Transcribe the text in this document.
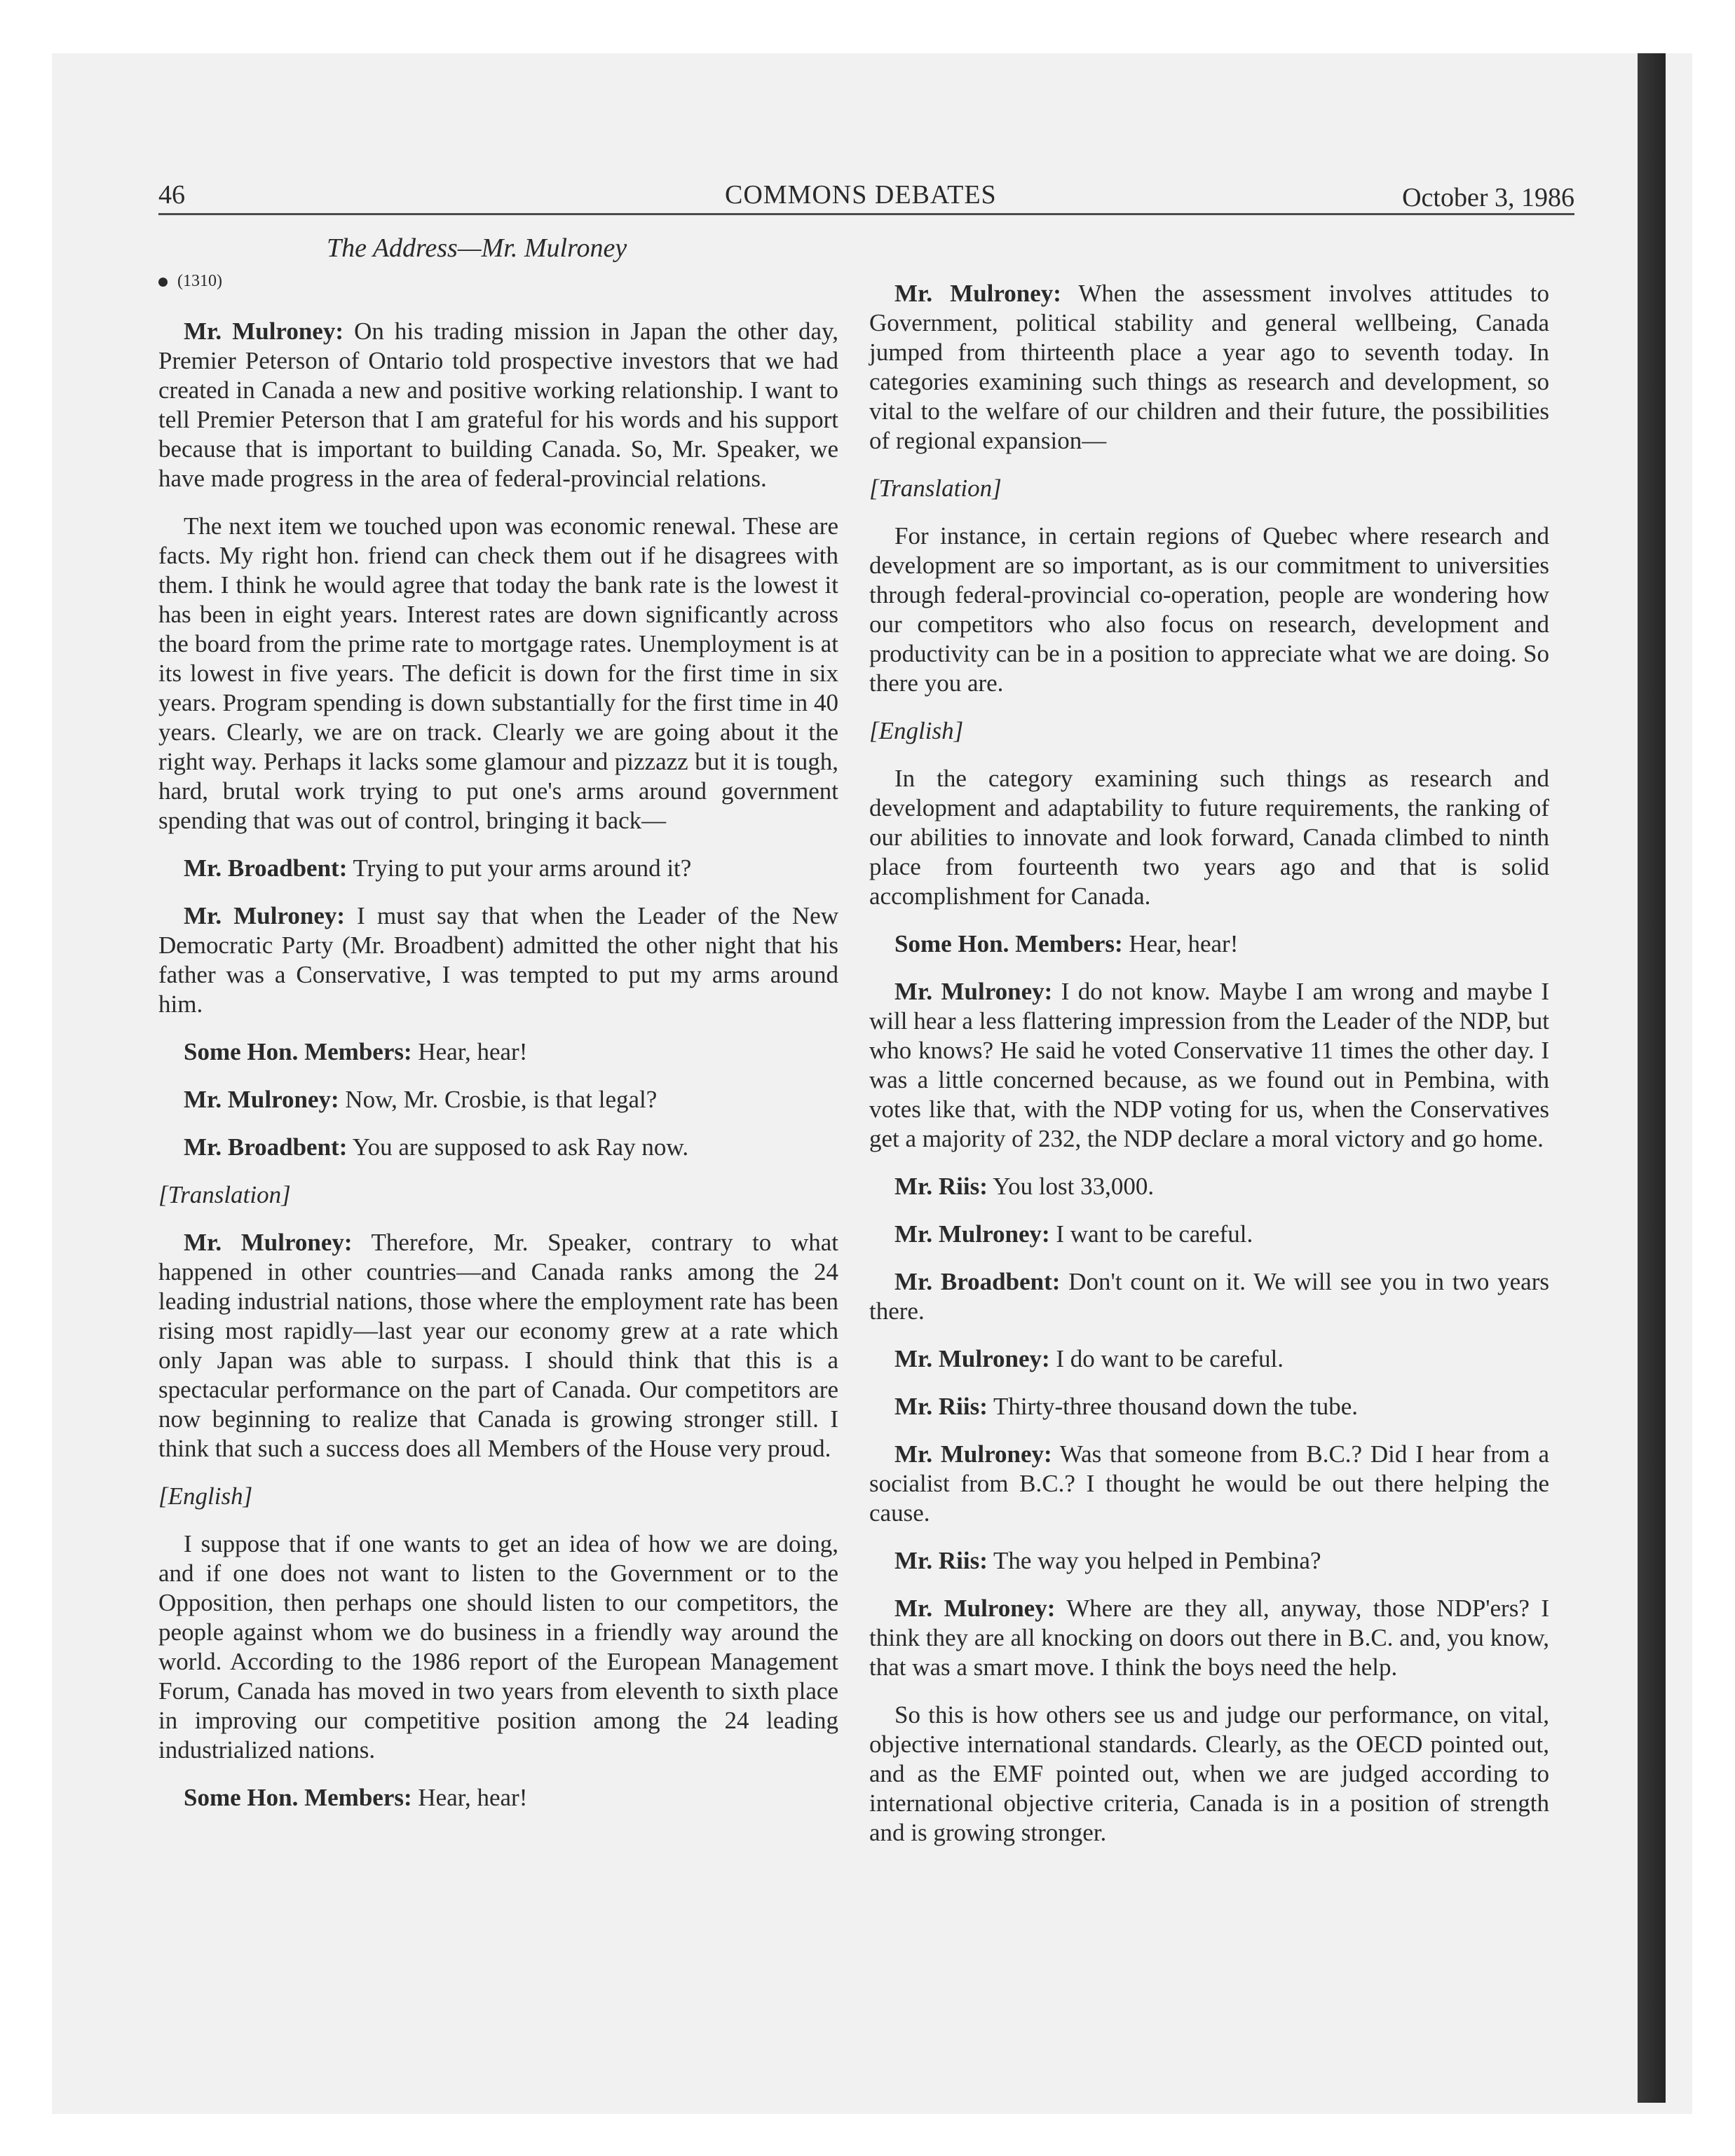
46	COMMONS DEBATES	October 3, 1986
The Address—Mr. Mulroney
(1310)

Mr. Mulroney: On his trading mission in Japan the other day, Premier Peterson of Ontario told prospective investors that we had created in Canada a new and positive working relationship. I want to tell Premier Peterson that I am grateful for his words and his support because that is important to building Canada. So, Mr. Speaker, we have made progress in the area of federal-provincial relations.

The next item we touched upon was economic renewal. These are facts. My right hon. friend can check them out if he disagrees with them. I think he would agree that today the bank rate is the lowest it has been in eight years. Interest rates are down significantly across the board from the prime rate to mortgage rates. Unemployment is at its lowest in five years. The deficit is down for the first time in six years. Program spending is down substantially for the first time in 40 years. Clearly, we are on track. Clearly we are going about it the right way. Perhaps it lacks some glamour and pizzazz but it is tough, hard, brutal work trying to put one's arms around government spending that was out of control, bringing it back—

Mr. Broadbent: Trying to put your arms around it?

Mr. Mulroney: I must say that when the Leader of the New Democratic Party (Mr. Broadbent) admitted the other night that his father was a Conservative, I was tempted to put my arms around him.

Some Hon. Members: Hear, hear!

Mr. Mulroney: Now, Mr. Crosbie, is that legal?

Mr. Broadbent: You are supposed to ask Ray now.

[Translation]

Mr. Mulroney: Therefore, Mr. Speaker, contrary to what happened in other countries—and Canada ranks among the 24 leading industrial nations, those where the employment rate has been rising most rapidly—last year our economy grew at a rate which only Japan was able to surpass. I should think that this is a spectacular performance on the part of Canada. Our competitors are now beginning to realize that Canada is growing stronger still. I think that such a success does all Members of the House very proud.

[English]

I suppose that if one wants to get an idea of how we are doing, and if one does not want to listen to the Government or to the Opposition, then perhaps one should listen to our competitors, the people against whom we do business in a friendly way around the world. According to the 1986 report of the European Management Forum, Canada has moved in two years from eleventh to sixth place in improving our competitive position among the 24 leading industrialized nations.

Some Hon. Members: Hear, hear!

Mr. Mulroney: When the assessment involves attitudes to Government, political stability and general wellbeing, Canada jumped from thirteenth place a year ago to seventh today. In categories examining such things as research and development, so vital to the welfare of our children and their future, the possibilities of regional expansion—

[Translation]

For instance, in certain regions of Quebec where research and development are so important, as is our commitment to universities through federal-provincial co-operation, people are wondering how our competitors who also focus on research, development and productivity can be in a position to appreciate what we are doing. So there you are.

[English]

In the category examining such things as research and development and adaptability to future requirements, the ranking of our abilities to innovate and look forward, Canada climbed to ninth place from fourteenth two years ago and that is solid accomplishment for Canada.

Some Hon. Members: Hear, hear!

Mr. Mulroney: I do not know. Maybe I am wrong and maybe I will hear a less flattering impression from the Leader of the NDP, but who knows? He said he voted Conservative 11 times the other day. I was a little concerned because, as we found out in Pembina, with votes like that, with the NDP voting for us, when the Conservatives get a majority of 232, the NDP declare a moral victory and go home.

Mr. Riis: You lost 33,000.

Mr. Mulroney: I want to be careful.

Mr. Broadbent: Don't count on it. We will see you in two years there.

Mr. Mulroney: I do want to be careful.

Mr. Riis: Thirty-three thousand down the tube.

Mr. Mulroney: Was that someone from B.C.? Did I hear from a socialist from B.C.? I thought he would be out there helping the cause.

Mr. Riis: The way you helped in Pembina?

Mr. Mulroney: Where are they all, anyway, those NDP'ers? I think they are all knocking on doors out there in B.C. and, you know, that was a smart move. I think the boys need the help.

So this is how others see us and judge our performance, on vital, objective international standards. Clearly, as the OECD pointed out, and as the EMF pointed out, when we are judged according to international objective criteria, Canada is in a position of strength and is growing stronger.
